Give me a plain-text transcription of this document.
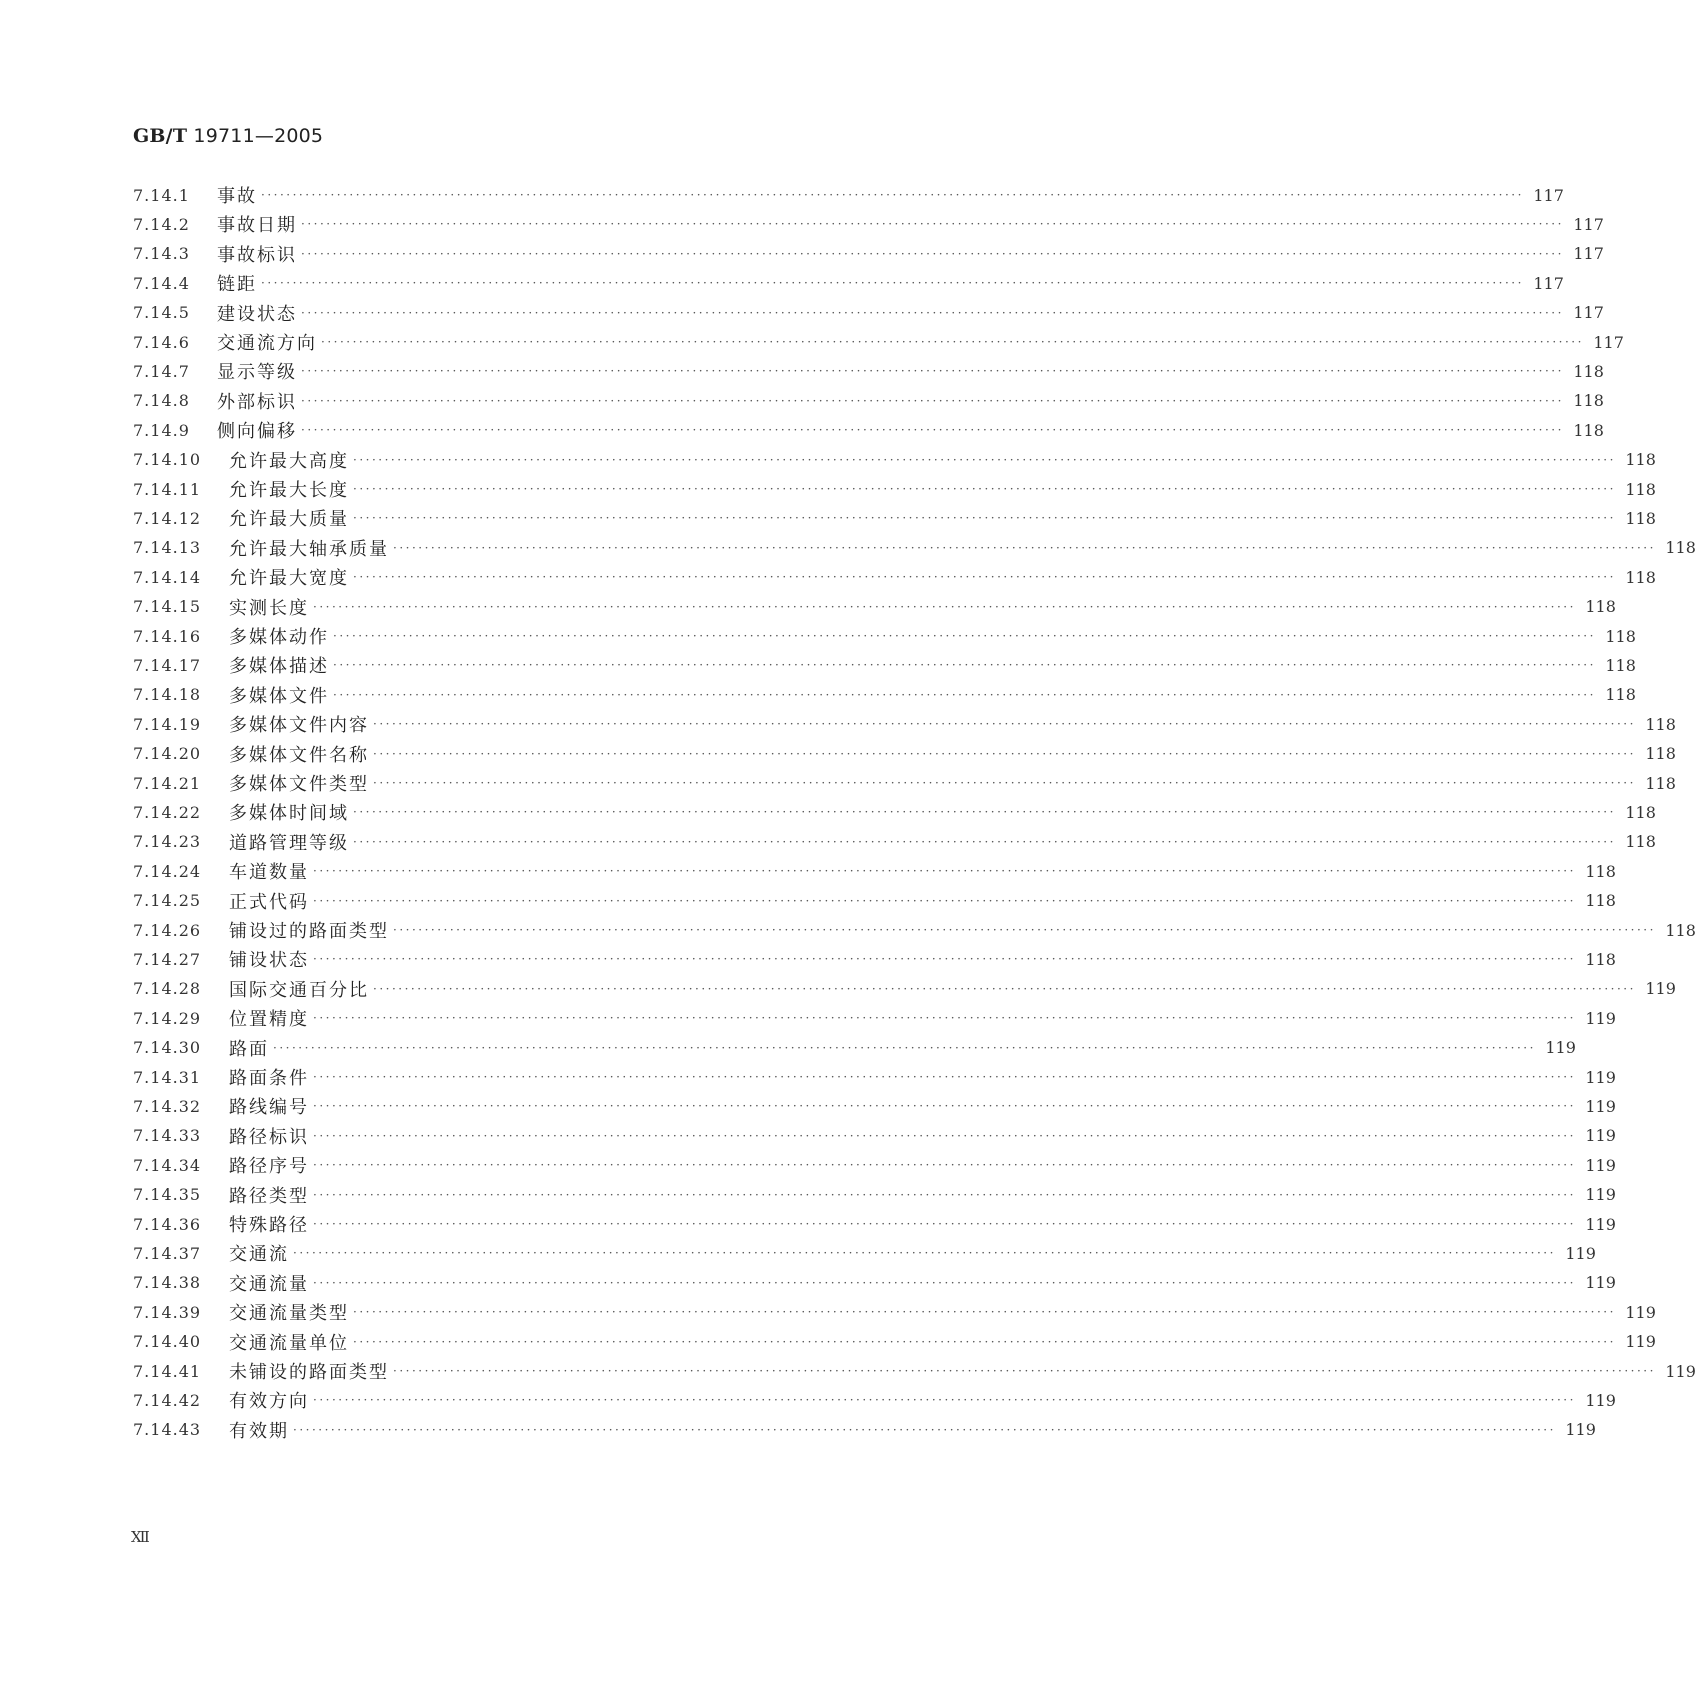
GB/T 19711—2005
7.14.1	事故 ········································································································································································································ 117
7.14.2	事故日期 ········································································································································································································ 117
7.14.3	事故标识 ········································································································································································································ 117
7.14.4	链距 ········································································································································································································ 117
7.14.5	建设状态 ········································································································································································································ 117
7.14.6	交通流方向 ········································································································································································································ 117
7.14.7	显示等级 ········································································································································································································ 118
7.14.8	外部标识 ········································································································································································································ 118
7.14.9	侧向偏移 ········································································································································································································ 118
7.14.10	允许最大高度 ········································································································································································································ 118
7.14.11	允许最大长度 ········································································································································································································ 118
7.14.12	允许最大质量 ········································································································································································································ 118
7.14.13	允许最大轴承质量 ········································································································································································································ 118
7.14.14	允许最大宽度 ········································································································································································································ 118
7.14.15	实测长度 ········································································································································································································ 118
7.14.16	多媒体动作 ········································································································································································································ 118
7.14.17	多媒体描述 ········································································································································································································ 118
7.14.18	多媒体文件 ········································································································································································································ 118
7.14.19	多媒体文件内容 ········································································································································································································ 118
7.14.20	多媒体文件名称 ········································································································································································································ 118
7.14.21	多媒体文件类型 ········································································································································································································ 118
7.14.22	多媒体时间域 ········································································································································································································ 118
7.14.23	道路管理等级 ········································································································································································································ 118
7.14.24	车道数量 ········································································································································································································ 118
7.14.25	正式代码 ········································································································································································································ 118
7.14.26	铺设过的路面类型 ········································································································································································································ 118
7.14.27	铺设状态 ········································································································································································································ 118
7.14.28	国际交通百分比 ········································································································································································································ 119
7.14.29	位置精度 ········································································································································································································ 119
7.14.30	路面 ········································································································································································································ 119
7.14.31	路面条件 ········································································································································································································ 119
7.14.32	路线编号 ········································································································································································································ 119
7.14.33	路径标识 ········································································································································································································ 119
7.14.34	路径序号 ········································································································································································································ 119
7.14.35	路径类型 ········································································································································································································ 119
7.14.36	特殊路径 ········································································································································································································ 119
7.14.37	交通流 ········································································································································································································ 119
7.14.38	交通流量 ········································································································································································································ 119
7.14.39	交通流量类型 ········································································································································································································ 119
7.14.40	交通流量单位 ········································································································································································································ 119
7.14.41	未铺设的路面类型 ········································································································································································································ 119
7.14.42	有效方向 ········································································································································································································ 119
7.14.43	有效期 ········································································································································································································ 119
Ⅻ
